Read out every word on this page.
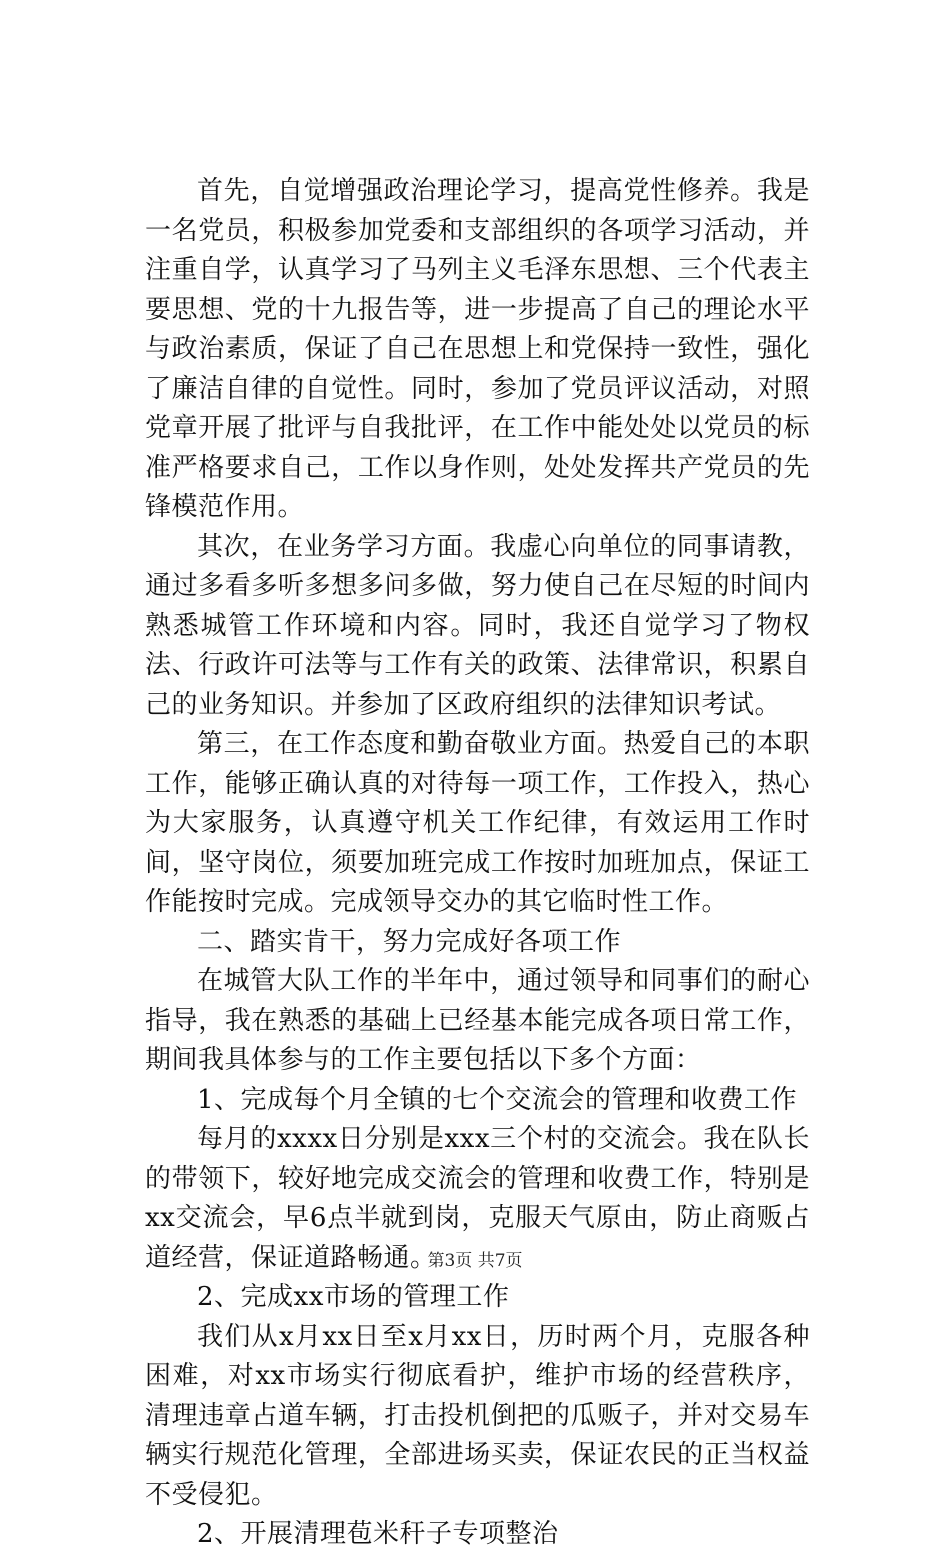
首先，自觉增强政治理论学习，提高党性修养。我是一名党员，积极参加党委和支部组织的各项学习活动，并注重自学，认真学习了马列主义毛泽东思想、三个代表主要思想、党的十九报告等，进一步提高了自己的理论水平与政治素质，保证了自己在思想上和党保持一致性，强化了廉洁自律的自觉性。同时，参加了党员评议活动，对照党章开展了批评与自我批评，在工作中能处处以党员的标准严格要求自己，工作以身作则，处处发挥共产党员的先锋模范作用。

其次，在业务学习方面。我虚心向单位的同事请教，通过多看多听多想多问多做，努力使自己在尽短的时间内熟悉城管工作环境和内容。同时，我还自觉学习了物权法、行政许可法等与工作有关的政策、法律常识，积累自己的业务知识。并参加了区政府组织的法律知识考试。

第三，在工作态度和勤奋敬业方面。热爱自己的本职工作，能够正确认真的对待每一项工作，工作投入，热心为大家服务，认真遵守机关工作纪律，有效运用工作时间，坚守岗位，须要加班完成工作按时加班加点，保证工作能按时完成。完成领导交办的其它临时性工作。

二、踏实肯干，努力完成好各项工作

在城管大队工作的半年中，通过领导和同事们的耐心指导，我在熟悉的基础上已经基本能完成各项日常工作，期间我具体参与的工作主要包括以下多个方面：

1、完成每个月全镇的七个交流会的管理和收费工作

每月的xxxx日分别是xxx三个村的交流会。我在队长的带领下，较好地完成交流会的管理和收费工作，特别是xx交流会，早6点半就到岗，克服天气原由，防止商贩占道经营，保证道路畅通。

2、完成xx市场的管理工作

我们从x月xx日至x月xx日，历时两个月，克服各种困难，对xx市场实行彻底看护，维护市场的经营秩序，清理违章占道车辆，打击投机倒把的瓜贩子，并对交易车辆实行规范化管理，全部进场买卖，保证农民的正当权益不受侵犯。

2、开展清理苞米秆子专项整治

第3页 共7页
